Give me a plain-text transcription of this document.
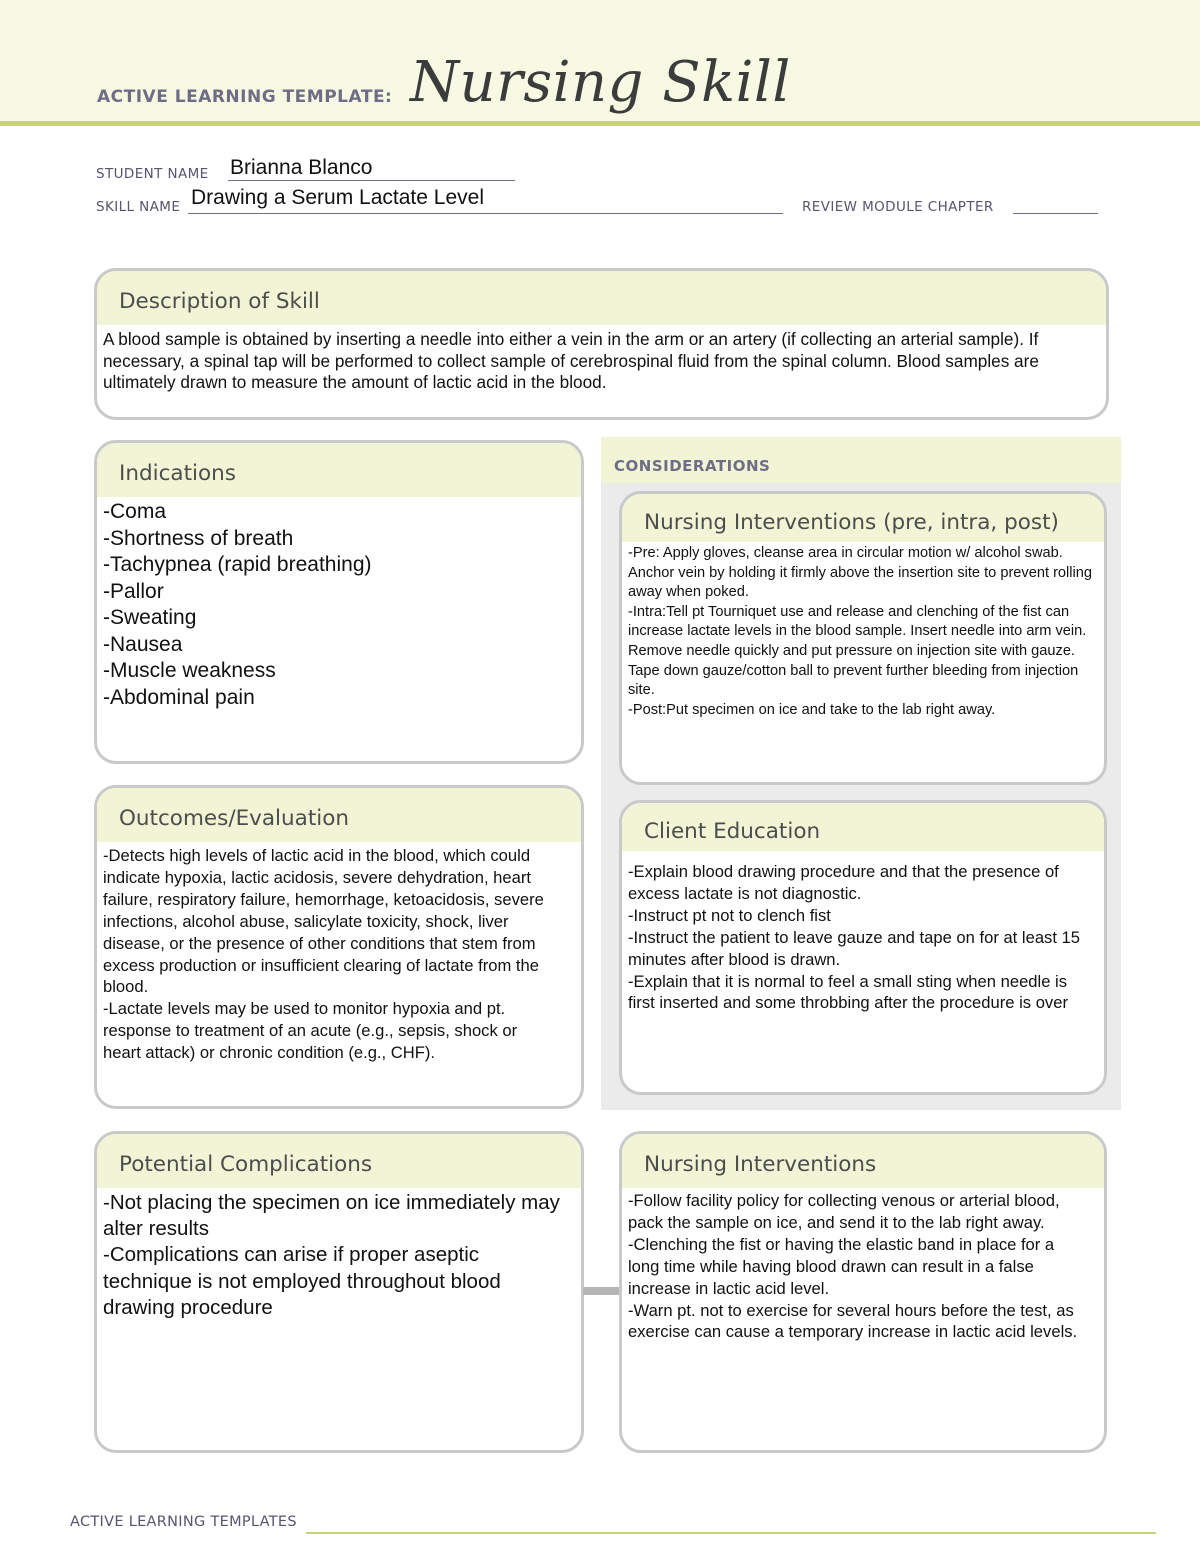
ACTIVE LEARNING TEMPLATE: Nursing Skill
STUDENT NAME Brianna Blanco
SKILL NAME Drawing a Serum Lactate Level	REVIEW MODULE CHAPTER
Description of Skill
A blood sample is obtained by inserting a needle into either a vein in the arm or an artery (if collecting an arterial sample). If necessary, a spinal tap will be performed to collect sample of cerebrospinal fluid from the spinal column. Blood samples are ultimately drawn to measure the amount of lactic acid in the blood.
Indications
-Coma
-Shortness of breath
-Tachypnea (rapid breathing)
-Pallor
-Sweating
-Nausea
-Muscle weakness
-Abdominal pain
Outcomes/Evaluation
-Detects high levels of lactic acid in the blood, which could indicate hypoxia, lactic acidosis, severe dehydration, heart failure, respiratory failure, hemorrhage, ketoacidosis, severe infections, alcohol abuse, salicylate toxicity, shock, liver disease, or the presence of other conditions that stem from excess production or insufficient clearing of lactate from the blood.
-Lactate levels may be used to monitor hypoxia and pt. response to treatment of an acute (e.g., sepsis, shock or heart attack) or chronic condition (e.g., CHF).
CONSIDERATIONS
Nursing Interventions (pre, intra, post)
-Pre: Apply gloves, cleanse area in circular motion w/ alcohol swab. Anchor vein by holding it firmly above the insertion site to prevent rolling away when poked.
-Intra:Tell pt Tourniquet use and release and clenching of the fist can increase lactate levels in the blood sample. Insert needle into arm vein. Remove needle quickly and put pressure on injection site with gauze. Tape down gauze/cotton ball to prevent further bleeding from injection site.
-Post:Put specimen on ice and take to the lab right away.
Client Education
-Explain blood drawing procedure and that the presence of excess lactate is not diagnostic.
-Instruct pt not to clench fist
-Instruct the patient to leave gauze and tape on for at least 15 minutes after blood is drawn.
-Explain that it is normal to feel a small sting when needle is first inserted and some throbbing after the procedure is over
Potential Complications
-Not placing the specimen on ice immediately may alter results
-Complications can arise if proper aseptic technique is not employed throughout blood drawing procedure
Nursing Interventions
-Follow facility policy for collecting venous or arterial blood, pack the sample on ice, and send it to the lab right away.
-Clenching the fist or having the elastic band in place for a long time while having blood drawn can result in a false increase in lactic acid level.
-Warn pt. not to exercise for several hours before the test, as exercise can cause a temporary increase in lactic acid levels.
ACTIVE LEARNING TEMPLATES
